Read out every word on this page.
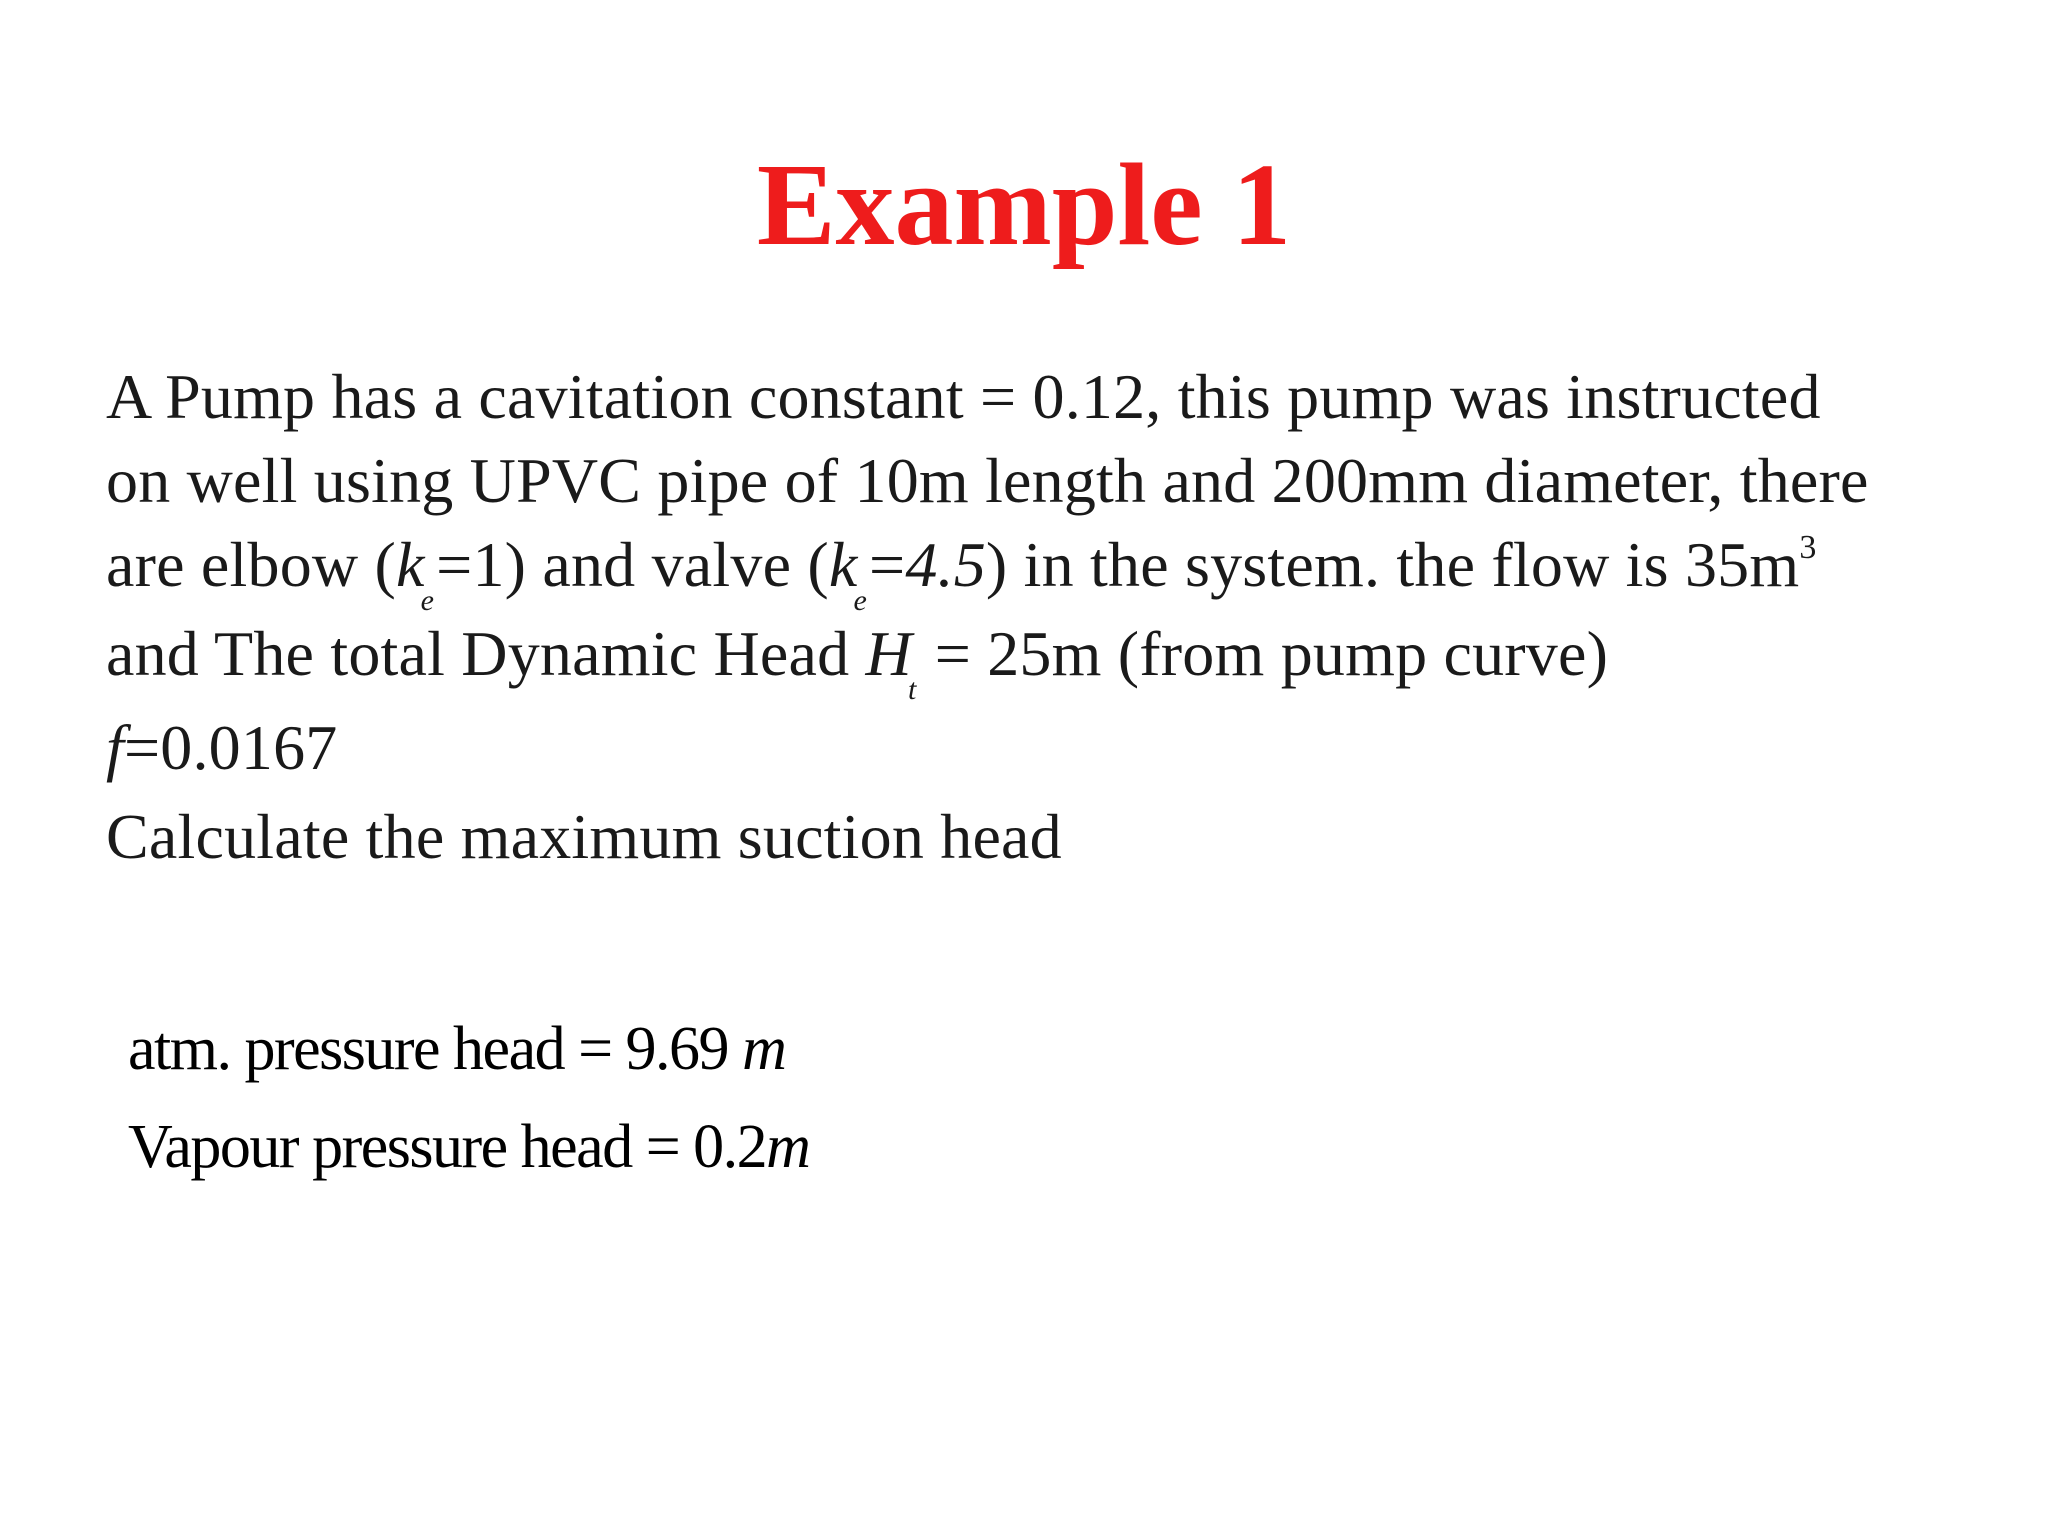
Example 1
A Pump has a cavitation constant = 0.12, this pump was instructed
on well using UPVC pipe of 10m length and 200mm diameter, there
are elbow $(k_e=1)$ and valve $(k_e=4.5)$ in the system. the flow is $35m^3$
and The total Dynamic Head $H_t = 25m$ (from pump curve)
f=0.0167
Calculate the maximum suction head
atm. pressure head = 9.69 m
Vapour pressure head = 0.2m
